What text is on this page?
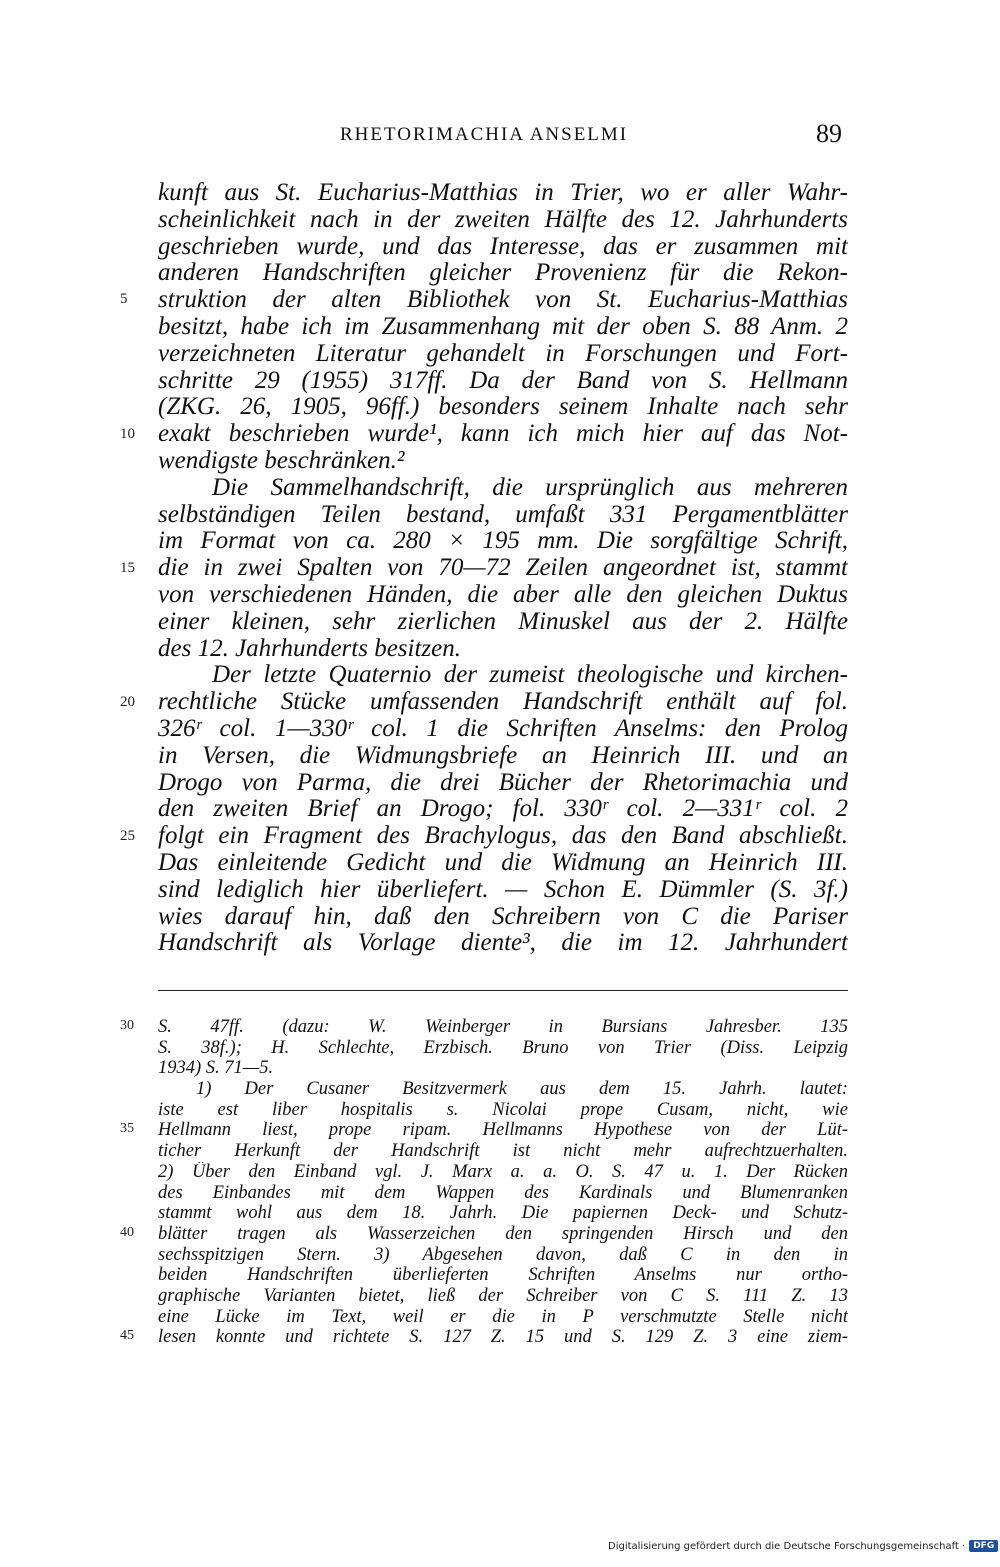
RHETORIMACHIA ANSELMI	89
kunft aus St. Eucharius-Matthias in Trier, wo er aller Wahr-
scheinlichkeit nach in der zweiten Hälfte des 12. Jahrhunderts
geschrieben wurde, und das Interesse, das er zusammen mit
anderen Handschriften gleicher Provenienz für die Rekon-
struktion der alten Bibliothek von St. Eucharius-Matthias
besitzt, habe ich im Zusammenhang mit der oben S. 88 Anm. 2
verzeichneten Literatur gehandelt in Forschungen und Fort-
schritte 29 (1955) 317ff. Da der Band von S. Hellmann
(ZKG. 26, 1905, 96ff.) besonders seinem Inhalte nach sehr
exakt beschrieben wurde¹, kann ich mich hier auf das Not-
wendigste beschränken.²
Die Sammelhandschrift, die ursprünglich aus mehreren
selbständigen Teilen bestand, umfaßt 331 Pergamentblätter
im Format von ca. 280 × 195 mm. Die sorgfältige Schrift,
die in zwei Spalten von 70—72 Zeilen angeordnet ist, stammt
von verschiedenen Händen, die aber alle den gleichen Duktus
einer kleinen, sehr zierlichen Minuskel aus der 2. Hälfte
des 12. Jahrhunderts besitzen.
Der letzte Quaternio der zumeist theologische und kirchen-
rechtliche Stücke umfassenden Handschrift enthält auf fol.
326ʳ col. 1—330ʳ col. 1 die Schriften Anselms: den Prolog
in Versen, die Widmungsbriefe an Heinrich III. und an
Drogo von Parma, die drei Bücher der Rhetorimachia und
den zweiten Brief an Drogo; fol. 330ʳ col. 2—331ʳ col. 2
folgt ein Fragment des Brachylogus, das den Band abschließt.
Das einleitende Gedicht und die Widmung an Heinrich III.
sind lediglich hier überliefert. — Schon E. Dümmler (S. 3f.)
wies darauf hin, daß den Schreibern von C die Pariser
Handschrift als Vorlage diente³, die im 12. Jahrhundert
5
10
15
20
25
S. 47ff. (dazu: W. Weinberger in Bursians Jahresber. 135
S. 38f.); H. Schlechte, Erzbisch. Bruno von Trier (Diss. Leipzig
1934) S. 71—5.
1) Der Cusaner Besitzvermerk aus dem 15. Jahrh. lautet:
iste est liber hospitalis s. Nicolai prope Cusam, nicht, wie
Hellmann liest, prope ripam. Hellmanns Hypothese von der Lüt-
ticher Herkunft der Handschrift ist nicht mehr aufrechtzuerhalten.
2) Über den Einband vgl. J. Marx a. a. O. S. 47 u. 1. Der Rücken
des Einbandes mit dem Wappen des Kardinals und Blumenranken
stammt wohl aus dem 18. Jahrh. Die papiernen Deck- und Schutz-
blätter tragen als Wasserzeichen den springenden Hirsch und den
sechsspitzigen Stern. 3) Abgesehen davon, daß C in den in
beiden Handschriften überlieferten Schriften Anselms nur ortho-
graphische Varianten bietet, ließ der Schreiber von C S. 111 Z. 13
eine Lücke im Text, weil er die in P verschmutzte Stelle nicht
lesen konnte und richtete S. 127 Z. 15 und S. 129 Z. 3 eine ziem-
30
35
40
45
Digitalisierung gefördert durch die Deutsche Forschungsgemeinschaft · DFG
